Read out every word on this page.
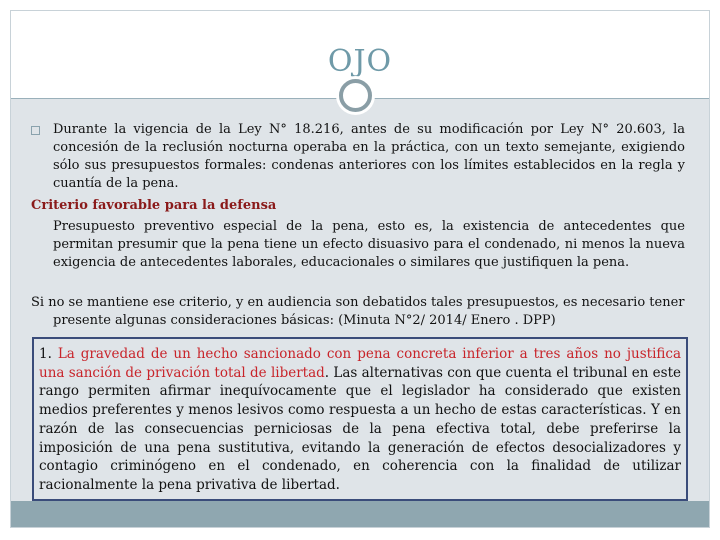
OJO
Durante la vigencia de la Ley N° 18.216, antes de su modificación por Ley N° 20.603, la concesión de la reclusión nocturna operaba en la práctica, con un texto semejante, exigiendo sólo sus presupuestos formales: condenas anteriores con los límites establecidos en la regla y cuantía de la pena.
Criterio favorable para la defensa
Presupuesto preventivo especial de la pena, esto es, la existencia de antecedentes que permitan presumir que la pena tiene un efecto disuasivo para el condenado, ni menos la nueva exigencia de antecedentes laborales, educacionales o similares que justifiquen la pena.
Si no se mantiene ese criterio, y en audiencia son debatidos tales presupuestos, es necesario tener
presente algunas consideraciones básicas: (Minuta N°2/ 2014/ Enero . DPP)
1. La gravedad de un hecho sancionado con pena concreta inferior a tres años no justifica una sanción de privación total de libertad. Las alternativas con que cuenta el tribunal en este rango permiten afirmar inequívocamente que el legislador ha considerado que existen medios preferentes y menos lesivos como respuesta a un hecho de estas características. Y en razón de las consecuencias perniciosas de la pena efectiva total, debe preferirse la imposición de una pena sustitutiva, evitando la generación de efectos desocializadores y contagio criminógeno en el condenado, en coherencia con la finalidad de utilizar racionalmente la pena privativa de libertad.
